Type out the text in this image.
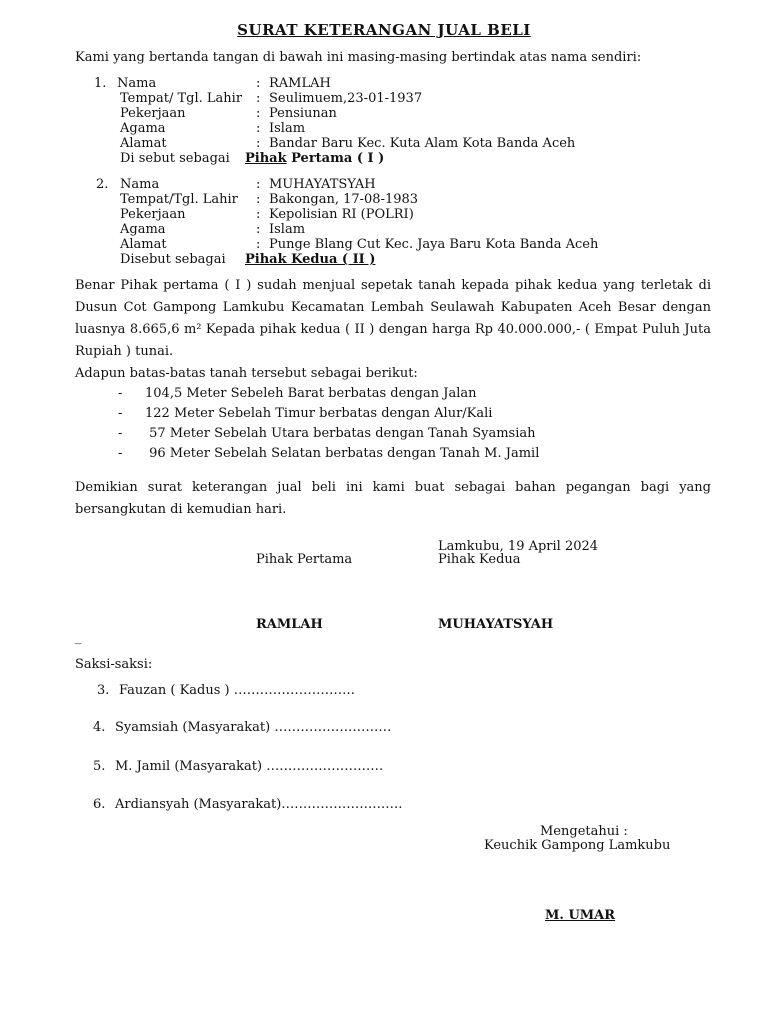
SURAT KETERANGAN JUAL BELI
Kami yang bertanda tangan di bawah ini masing-masing bertindak atas nama sendiri:
1. Nama	: RAMLAH
Tempat/ Tgl. Lahir : Seulimuem,23-01-1937
Pekerjaan	: Pensiunan
Agama	: Islam
Alamat	: Bandar Baru Kec. Kuta Alam Kota Banda Aceh
Di sebut sebagai Pihak Pertama ( I )
2. Nama	: MUHAYATSYAH
Tempat/Tgl. Lahir : Bakongan, 17-08-1983
Pekerjaan	: Kepolisian RI (POLRI)
Agama	: Islam
Alamat	: Punge Blang Cut Kec. Jaya Baru Kota Banda Aceh
Disebut sebagai Pihak Kedua ( II )
Benar Pihak pertama ( I ) sudah menjual sepetak tanah kepada pihak kedua yang terletak di Dusun Cot Gampong Lamkubu Kecamatan Lembah Seulawah Kabupaten Aceh Besar dengan luasnya 8.665,6 m² Kepada pihak kedua ( II ) dengan harga Rp 40.000.000,- ( Empat Puluh Juta Rupiah ) tunai.
Adapun batas-batas tanah tersebut sebagai berikut:
- 104,5 Meter Sebeleh Barat berbatas dengan Jalan
- 122 Meter Sebelah Timur berbatas dengan Alur/Kali
- 57 Meter Sebelah Utara berbatas dengan Tanah Syamsiah
- 96 Meter Sebelah Selatan berbatas dengan Tanah M. Jamil
Demikian surat keterangan jual beli ini kami buat sebagai bahan pegangan bagi yang bersangkutan di kemudian hari.
Lamkubu, 19 April 2024
Pihak Pertama	Pihak Kedua
RAMLAH	MUHAYATSYAH
_
Saksi-saksi:
3. Fauzan ( Kadus ) ……………………….
4. Syamsiah (Masyarakat) ………………………
5. M. Jamil (Masyarakat) ………………………
6. Ardiansyah (Masyarakat)……………………….
Mengetahui :
Keuchik Gampong Lamkubu
M. UMAR
